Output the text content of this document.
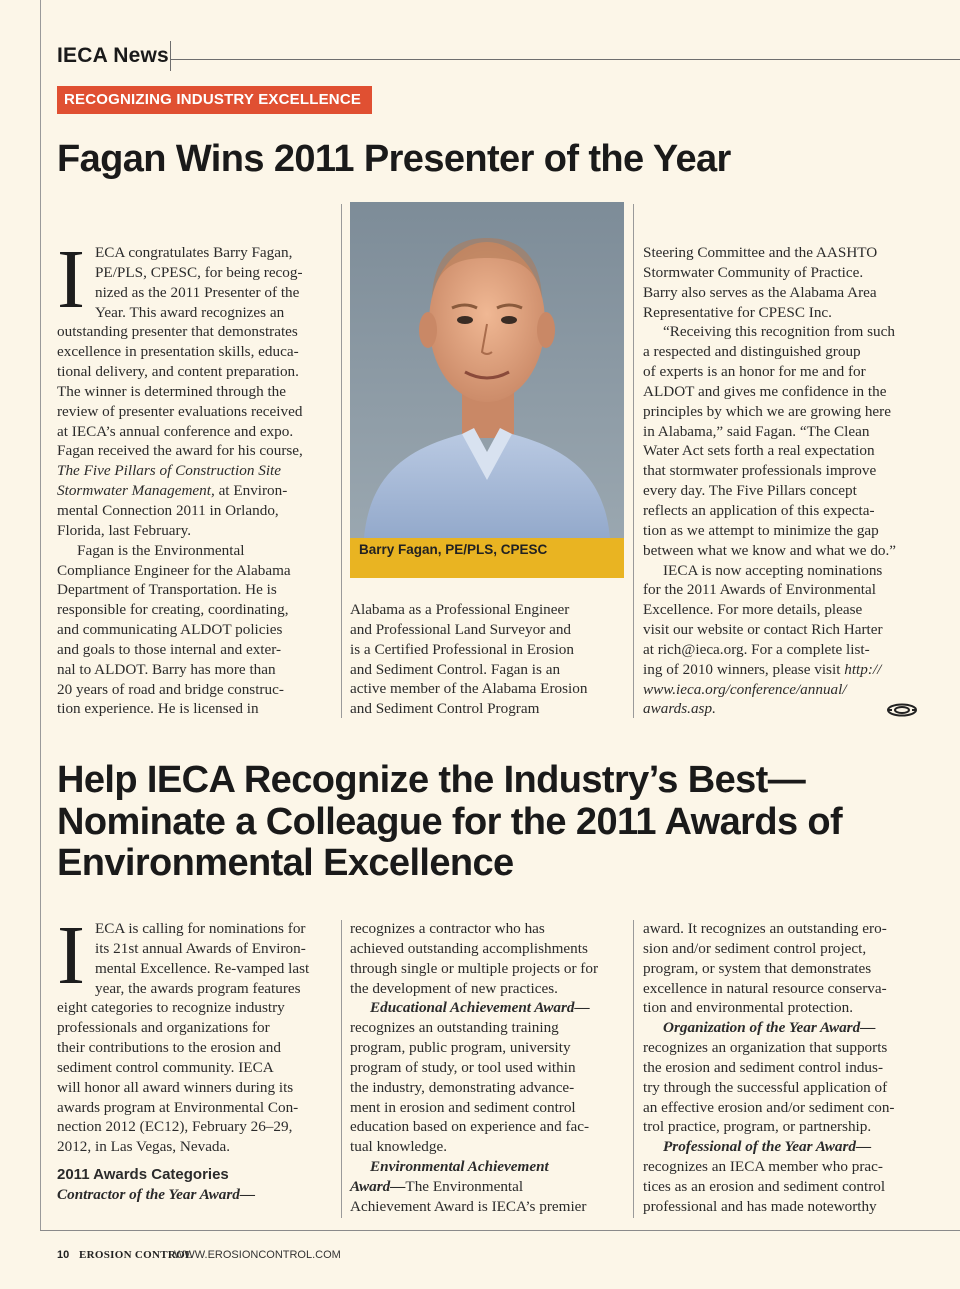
IECA News
RECOGNIZING INDUSTRY EXCELLENCE
Fagan Wins 2011 Presenter of the Year
I ECA congratulates Barry Fagan,
PE/PLS, CPESC, for being recog-
nized as the 2011 Presenter of the
Year. This award recognizes an
outstanding presenter that demonstrates
excellence in presentation skills, educa-
tional delivery, and content preparation.
The winner is determined through the
review of presenter evaluations received
at IECA’s annual conference and expo.
Fagan received the award for his course,
The Five Pillars of Construction Site
Stormwater Management, at Environ-
mental Connection 2011 in Orlando,
Florida, last February.
Fagan is the Environmental
Compliance Engineer for the Alabama
Department of Transportation. He is
responsible for creating, coordinating,
and communicating ALDOT policies
and goals to those internal and exter-
nal to ALDOT. Barry has more than
20 years of road and bridge construc-
tion experience. He is licensed in
Barry Fagan, PE/PLS, CPESC
Alabama as a Professional Engineer
and Professional Land Surveyor and
is a Certified Professional in Erosion
and Sediment Control. Fagan is an
active member of the Alabama Erosion
and Sediment Control Program
Steering Committee and the AASHTO
Stormwater Community of Practice.
Barry also serves as the Alabama Area
Representative for CPESC Inc.
“Receiving this recognition from such
a respected and distinguished group
of experts is an honor for me and for
ALDOT and gives me confidence in the
principles by which we are growing here
in Alabama,” said Fagan. “The Clean
Water Act sets forth a real expectation
that stormwater professionals improve
every day. The Five Pillars concept
reflects an application of this expecta-
tion as we attempt to minimize the gap
between what we know and what we do.”
IECA is now accepting nominations
for the 2011 Awards of Environmental
Excellence. For more details, please
visit our website or contact Rich Harter
at rich@ieca.org. For a complete list-
ing of 2010 winners, please visit http://
www.ieca.org/conference/annual/
awards.asp.
Help IECA Recognize the Industry’s Best—Nominate a Colleague for the 2011 Awards of Environmental Excellence
I ECA is calling for nominations for
its 21st annual Awards of Environ-
mental Excellence. Re-vamped last
year, the awards program features
eight categories to recognize industry
professionals and organizations for
their contributions to the erosion and
sediment control community. IECA
will honor all award winners during its
awards program at Environmental Con-
nection 2012 (EC12), February 26–29,
2012, in Las Vegas, Nevada.
2011 Awards Categories
Contractor of the Year Award—
recognizes a contractor who has
achieved outstanding accomplishments
through single or multiple projects or for
the development of new practices.
Educational Achievement Award—
recognizes an outstanding training
program, public program, university
program of study, or tool used within
the industry, demonstrating advance-
ment in erosion and sediment control
education based on experience and fac-
tual knowledge.
Environmental Achievement
Award—The Environmental
Achievement Award is IECA’s premier
award. It recognizes an outstanding ero-
sion and/or sediment control project,
program, or system that demonstrates
excellence in natural resource conserva-
tion and environmental protection.
Organization of the Year Award—
recognizes an organization that supports
the erosion and sediment control indus-
try through the successful application of
an effective erosion and/or sediment con-
trol practice, program, or partnership.
Professional of the Year Award—
recognizes an IECA member who prac-
tices as an erosion and sediment control
professional and has made noteworthy
10 EROSION CONTROL
WWW.EROSIONCONTROL.COM
